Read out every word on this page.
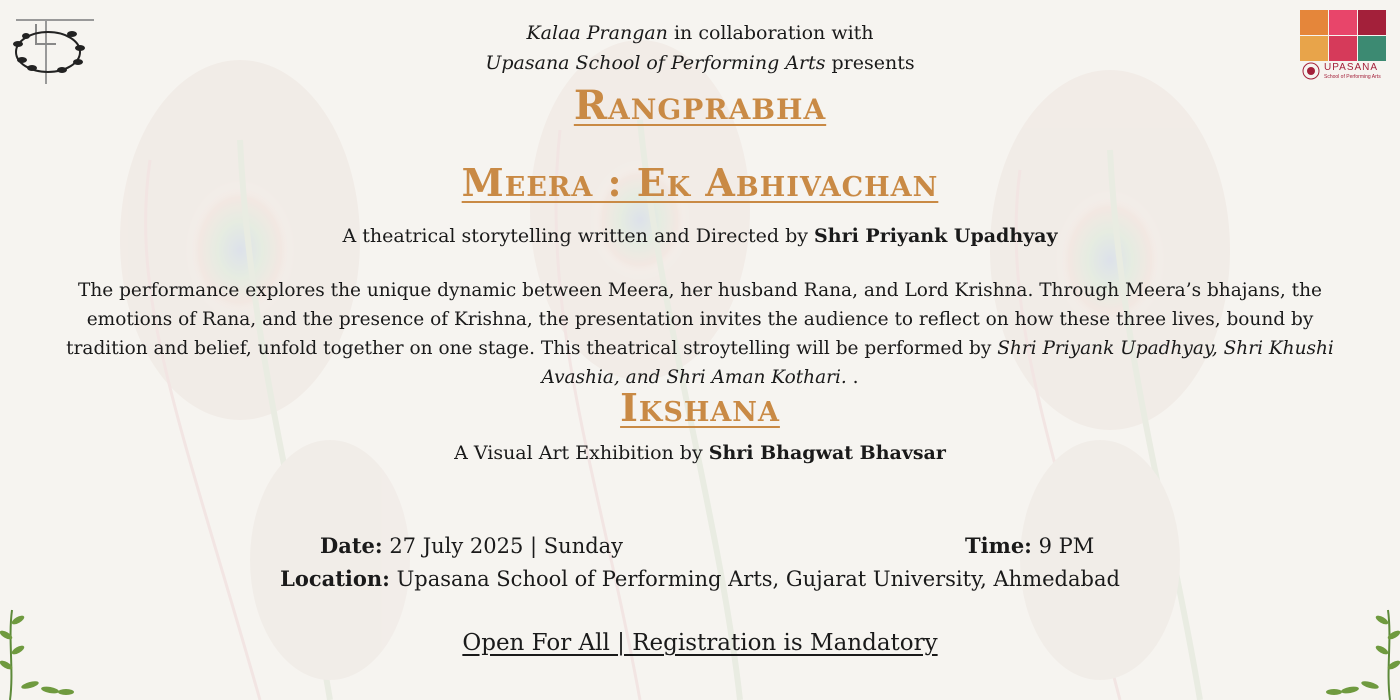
UPASANA
School of Performing Arts
Kalaa Prangan in collaboration with
Upasana School of Performing Arts presents
Rangprabha
Meera : Ek Abhivachan
A theatrical storytelling written and Directed by Shri Priyank Upadhyay
The performance explores the unique dynamic between Meera, her husband Rana, and Lord Krishna. Through Meera’s bhajans, the emotions of Rana, and the presence of Krishna, the presentation invites the audience to reflect on how these three lives, bound by tradition and belief, unfold together on one stage. This theatrical stroytelling will be performed by Shri Priyank Upadhyay, Shri Khushi Avashia, and Shri Aman Kothari. .
Ikshana
A Visual Art Exhibition by Shri Bhagwat Bhavsar
Date: 27 July 2025 | Sunday	Time: 9 PM
Location: Upasana School of Performing Arts, Gujarat University, Ahmedabad
Open For All | Registration is Mandatory
